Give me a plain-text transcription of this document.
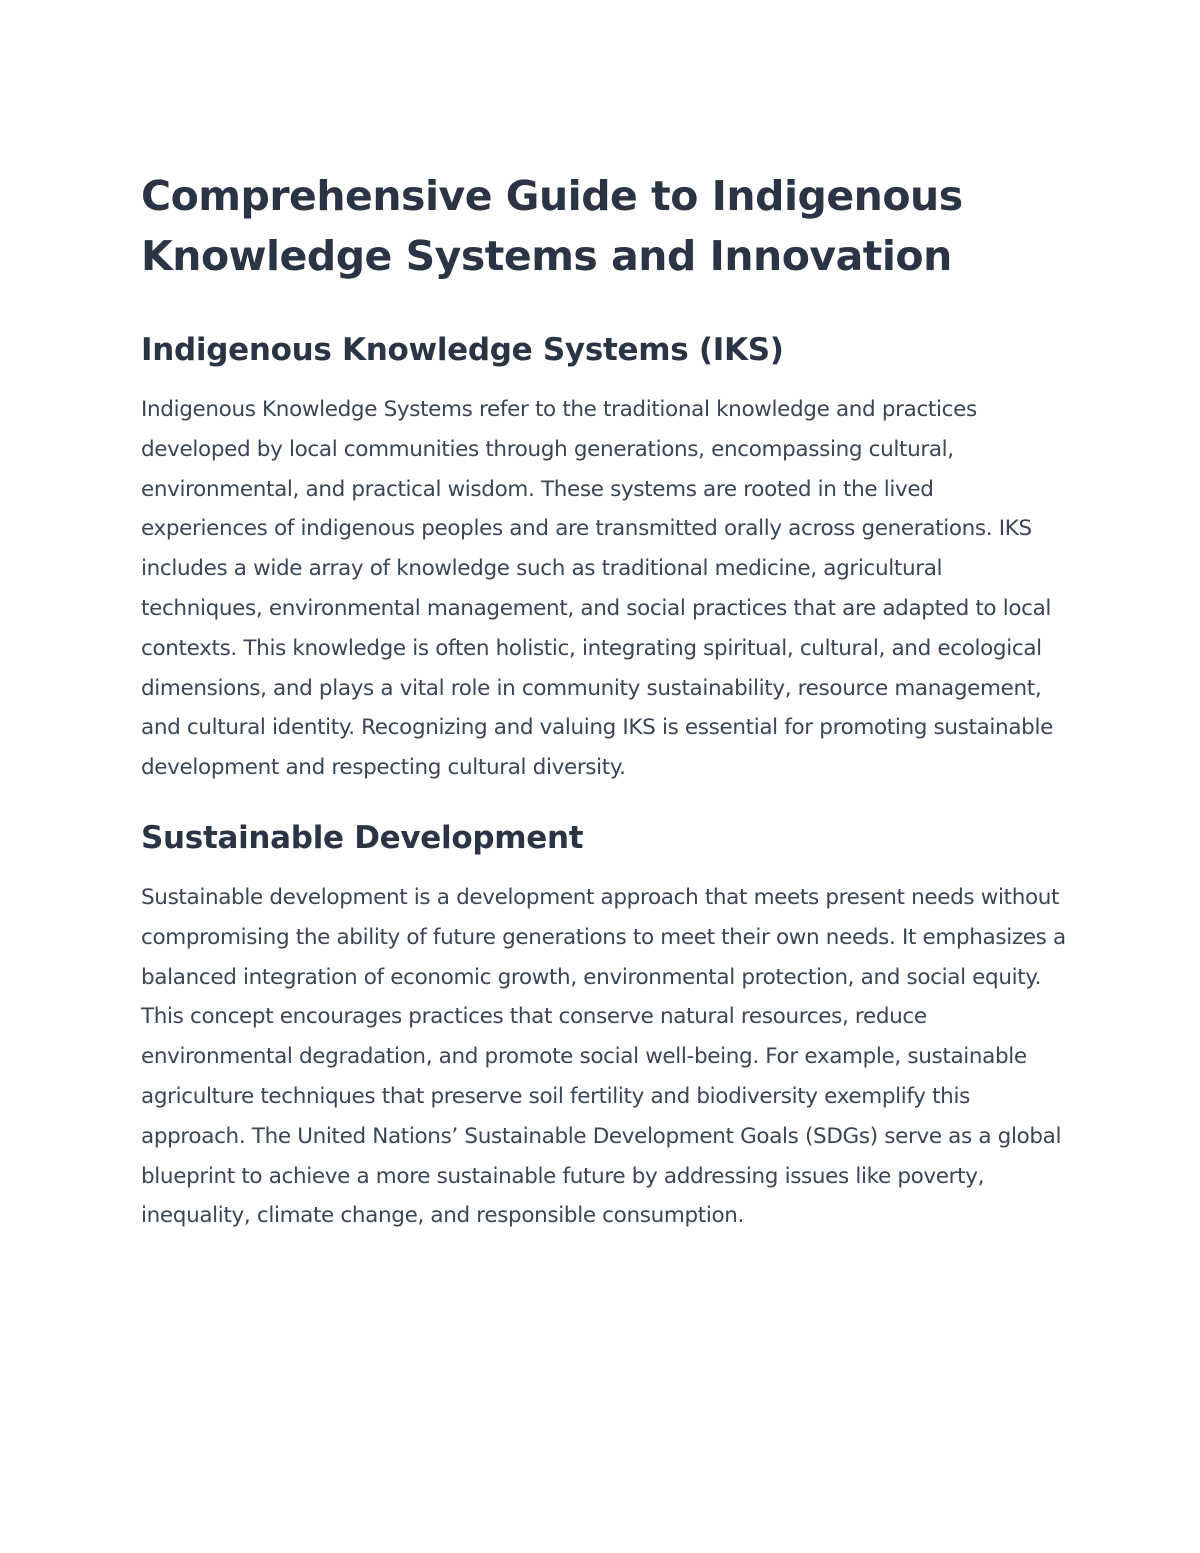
Comprehensive Guide to Indigenous Knowledge Systems and Innovation
Indigenous Knowledge Systems (IKS)

Indigenous Knowledge Systems refer to the traditional knowledge and practices developed by local communities through generations, encompassing cultural, environmental, and practical wisdom. These systems are rooted in the lived experiences of indigenous peoples and are transmitted orally across generations. IKS includes a wide array of knowledge such as traditional medicine, agricultural techniques, environmental management, and social practices that are adapted to local contexts. This knowledge is often holistic, integrating spiritual, cultural, and ecological dimensions, and plays a vital role in community sustainability, resource management, and cultural identity. Recognizing and valuing IKS is essential for promoting sustainable development and respecting cultural diversity.

Sustainable Development

Sustainable development is a development approach that meets present needs without compromising the ability of future generations to meet their own needs. It emphasizes a balanced integration of economic growth, environmental protection, and social equity. This concept encourages practices that conserve natural resources, reduce environmental degradation, and promote social well-being. For example, sustainable agriculture techniques that preserve soil fertility and biodiversity exemplify this approach. The United Nations’ Sustainable Development Goals (SDGs) serve as a global blueprint to achieve a more sustainable future by addressing issues like poverty, inequality, climate change, and responsible consumption.
